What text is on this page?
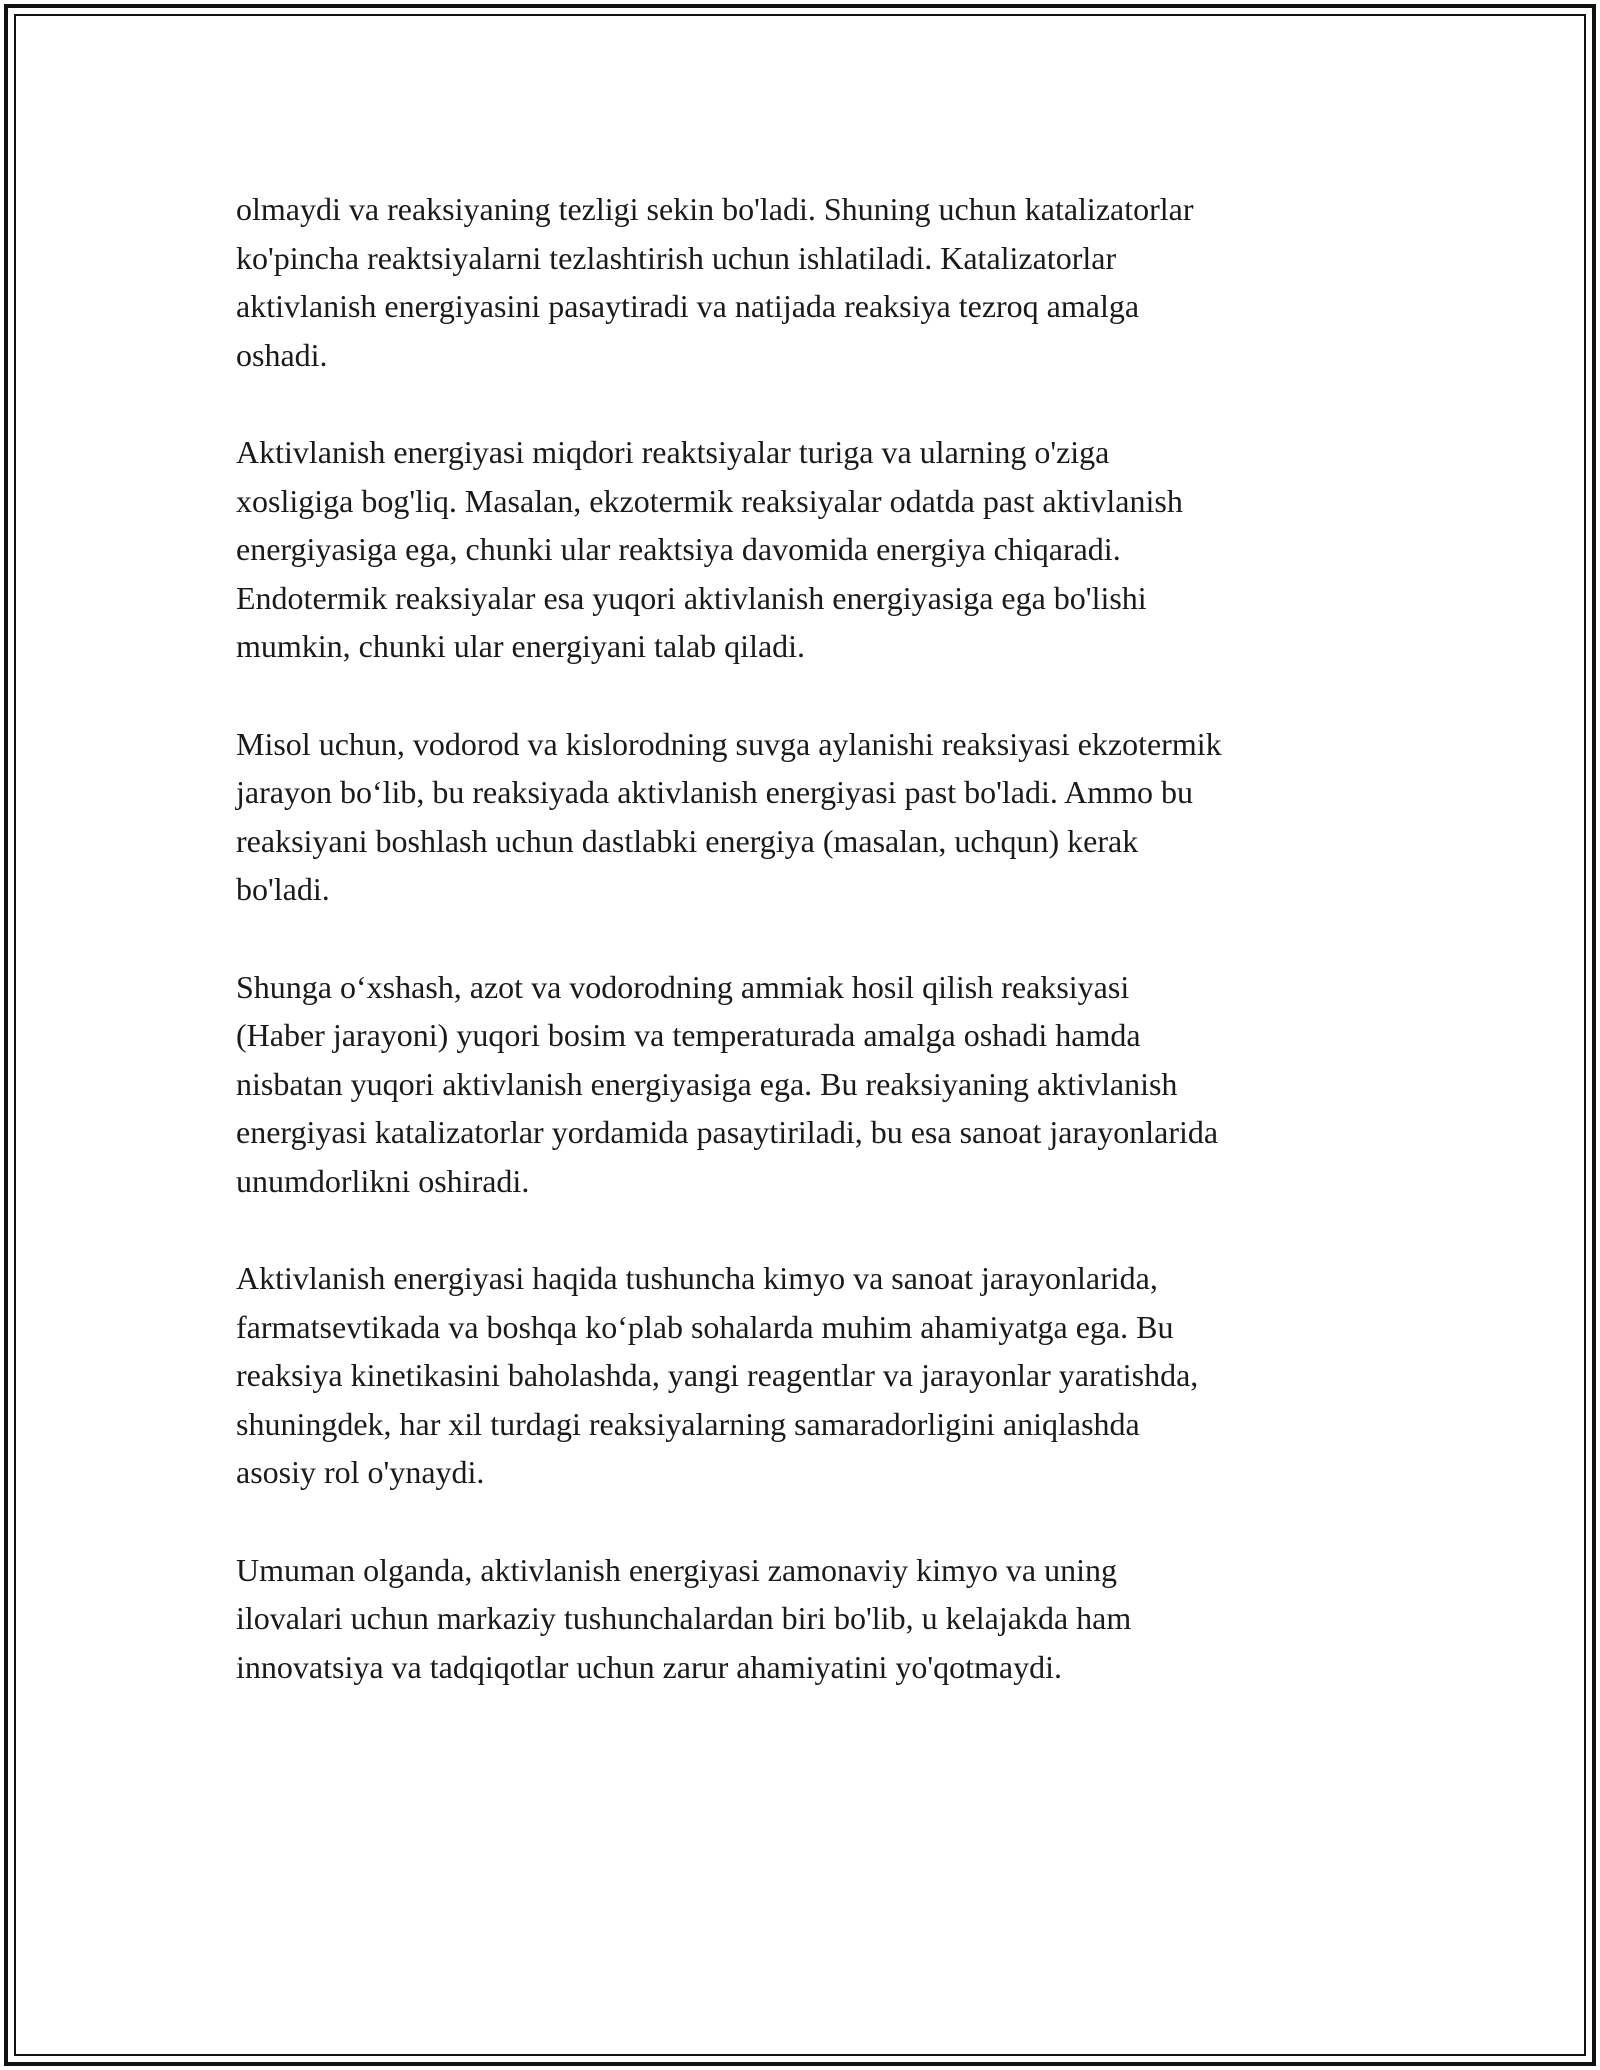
olmaydi va reaksiyaning tezligi sekin bo'ladi. Shuning uchun katalizatorlar
ko'pincha reaktsiyalarni tezlashtirish uchun ishlatiladi. Katalizatorlar
aktivlanish energiyasini pasaytiradi va natijada reaksiya tezroq amalga
oshadi.

Aktivlanish energiyasi miqdori reaktsiyalar turiga va ularning o'ziga
xosligiga bog'liq. Masalan, ekzotermik reaksiyalar odatda past aktivlanish
energiyasiga ega, chunki ular reaktsiya davomida energiya chiqaradi.
Endotermik reaksiyalar esa yuqori aktivlanish energiyasiga ega bo'lishi
mumkin, chunki ular energiyani talab qiladi.

Misol uchun, vodorod va kislorodning suvga aylanishi reaksiyasi ekzotermik
jarayon bo‘lib, bu reaksiyada aktivlanish energiyasi past bo'ladi. Ammo bu
reaksiyani boshlash uchun dastlabki energiya (masalan, uchqun) kerak
bo'ladi.

Shunga o‘xshash, azot va vodorodning ammiak hosil qilish reaksiyasi
(Haber jarayoni) yuqori bosim va temperaturada amalga oshadi hamda
nisbatan yuqori aktivlanish energiyasiga ega. Bu reaksiyaning aktivlanish
energiyasi katalizatorlar yordamida pasaytiriladi, bu esa sanoat jarayonlarida
unumdorlikni oshiradi.

Aktivlanish energiyasi haqida tushuncha kimyo va sanoat jarayonlarida,
farmatsevtikada va boshqa ko‘plab sohalarda muhim ahamiyatga ega. Bu
reaksiya kinetikasini baholashda, yangi reagentlar va jarayonlar yaratishda,
shuningdek, har xil turdagi reaksiyalarning samaradorligini aniqlashda
asosiy rol o'ynaydi.

Umuman olganda, aktivlanish energiyasi zamonaviy kimyo va uning
ilovalari uchun markaziy tushunchalardan biri bo'lib, u kelajakda ham
innovatsiya va tadqiqotlar uchun zarur ahamiyatini yo'qotmaydi.
